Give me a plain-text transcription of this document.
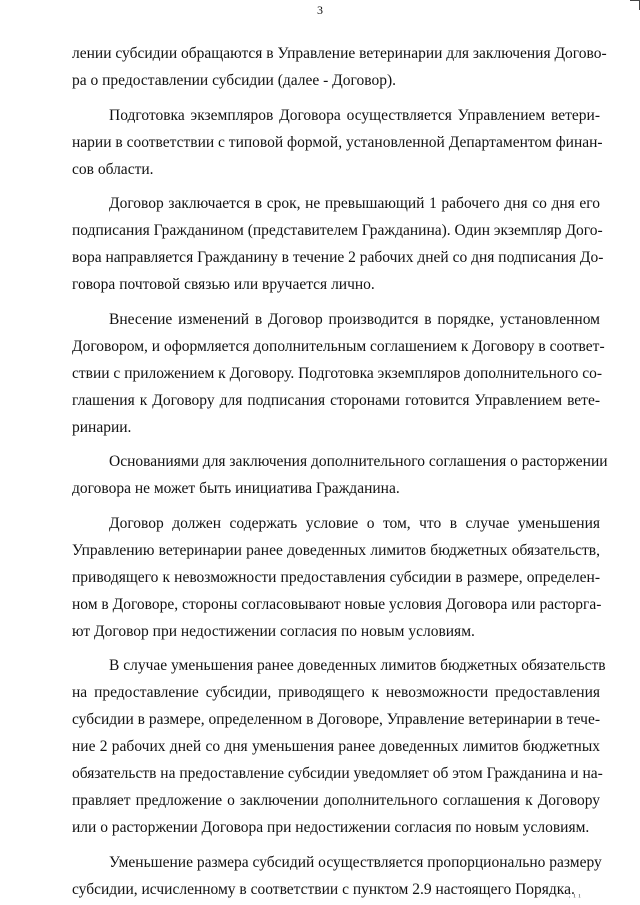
3
лении субсидии обращаются в Управление ветеринарии для заключения Догово-
ра о предоставлении субсидии (далее - Договор).
Подготовка экземпляров Договора осуществляется Управлением ветери-
нарии в соответствии с типовой формой, установленной Департаментом финан-
сов области.
Договор заключается в срок, не превышающий 1 рабочего дня со дня его
подписания Гражданином (представителем Гражданина). Один экземпляр Дого-
вора направляется Гражданину в течение 2 рабочих дней со дня подписания До-
говора почтовой связью или вручается лично.
Внесение изменений в Договор производится в порядке, установленном
Договором, и оформляется дополнительным соглашением к Договору в соответ-
ствии с приложением к Договору. Подготовка экземпляров дополнительного со-
глашения к Договору для подписания сторонами готовится Управлением вете-
ринарии.
Основаниями для заключения дополнительного соглашения о расторжении
договора не может быть инициатива Гражданина.
Договор должен содержать условие о том, что в случае уменьшения
Управлению ветеринарии ранее доведенных лимитов бюджетных обязательств,
приводящего к невозможности предоставления субсидии в размере, определен-
ном в Договоре, стороны согласовывают новые условия Договора или расторга-
ют Договор при недостижении согласия по новым условиям.
В случае уменьшения ранее доведенных лимитов бюджетных обязательств
на предоставление субсидии, приводящего к невозможности предоставления
субсидии в размере, определенном в Договоре, Управление ветеринарии в тече-
ние 2 рабочих дней со дня уменьшения ранее доведенных лимитов бюджетных
обязательств на предоставление субсидии уведомляет об этом Гражданина и на-
правляет предложение о заключении дополнительного соглашения к Договору
или о расторжении Договора при недостижении согласия по новым условиям.
Уменьшение размера субсидий осуществляется пропорционально размеру
субсидии, исчисленному в соответствии с пунктом 2.9 настоящего Порядка.
· ¹ ¹
